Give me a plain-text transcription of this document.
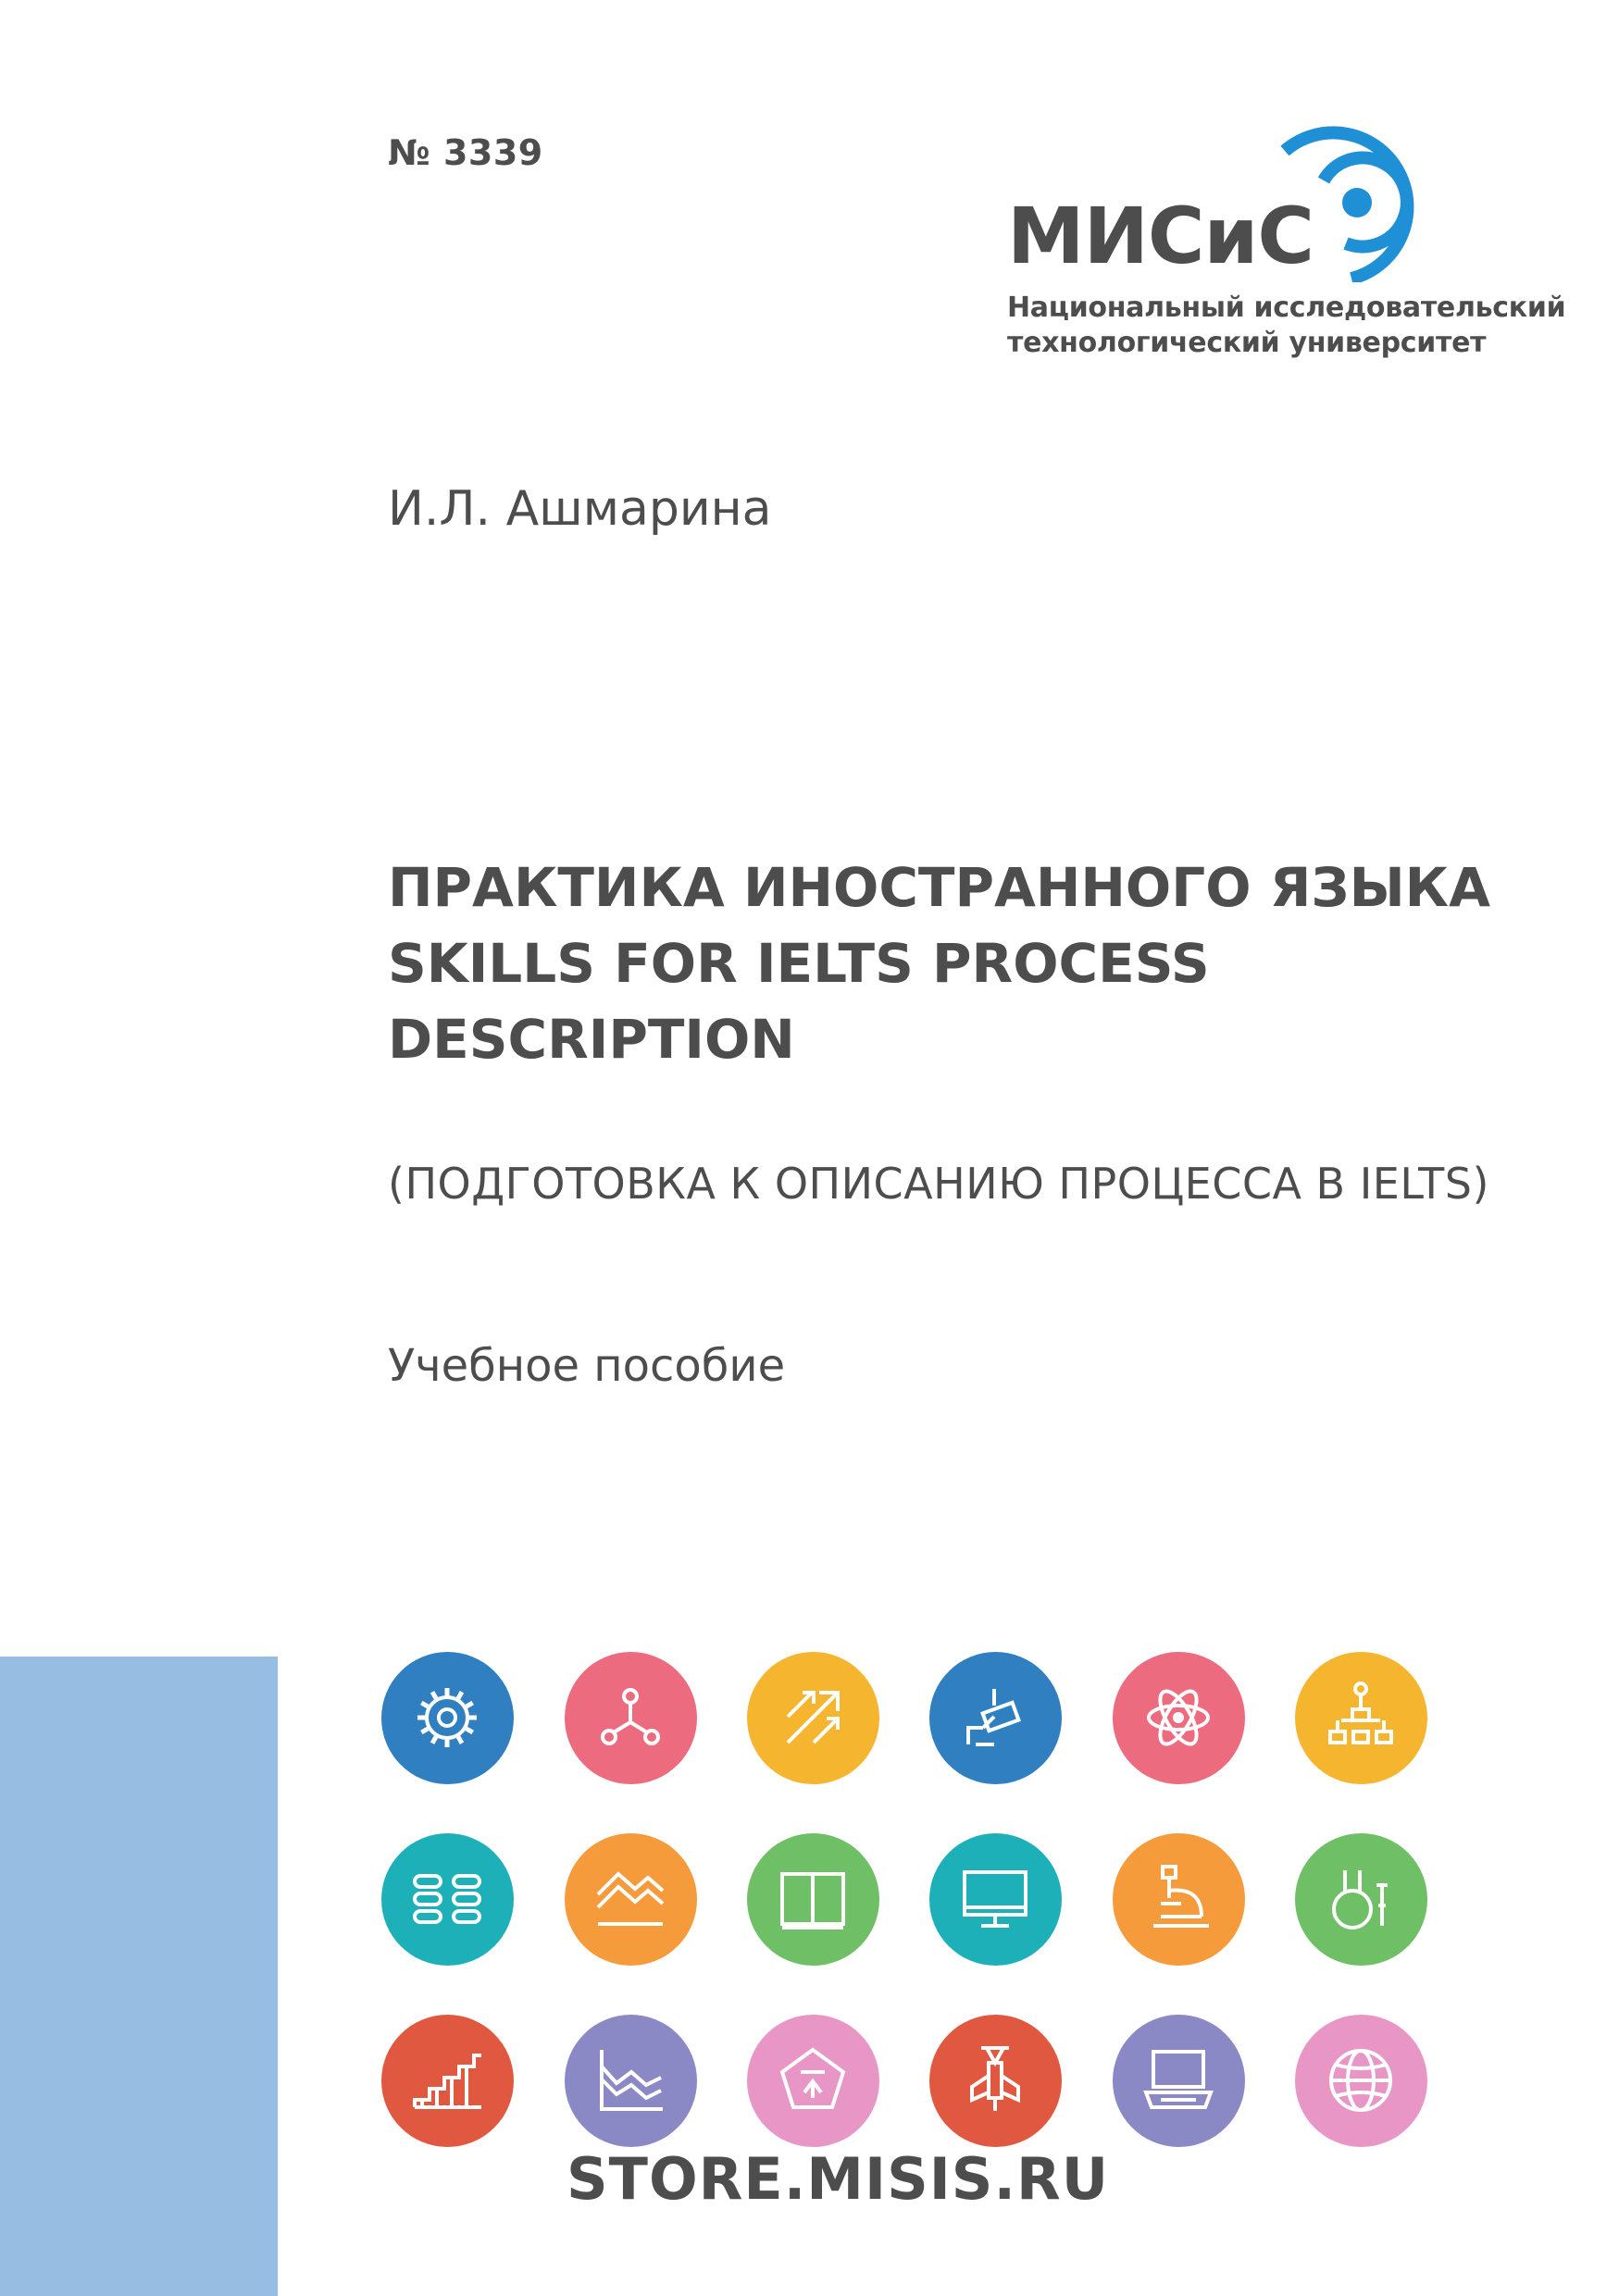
№ 3339
МИСиС
Национальный исследовательский
технологический университет
И.Л. Ашмарина
ПРАКТИКА ИНОСТРАННОГО ЯЗЫКА
SKILLS FOR IELTS PROCESS
DESCRIPTION
(ПОДГОТОВКА К ОПИСАНИЮ ПРОЦЕССА В IELTS)
Учебное пособие
STORE.MISIS.RU
